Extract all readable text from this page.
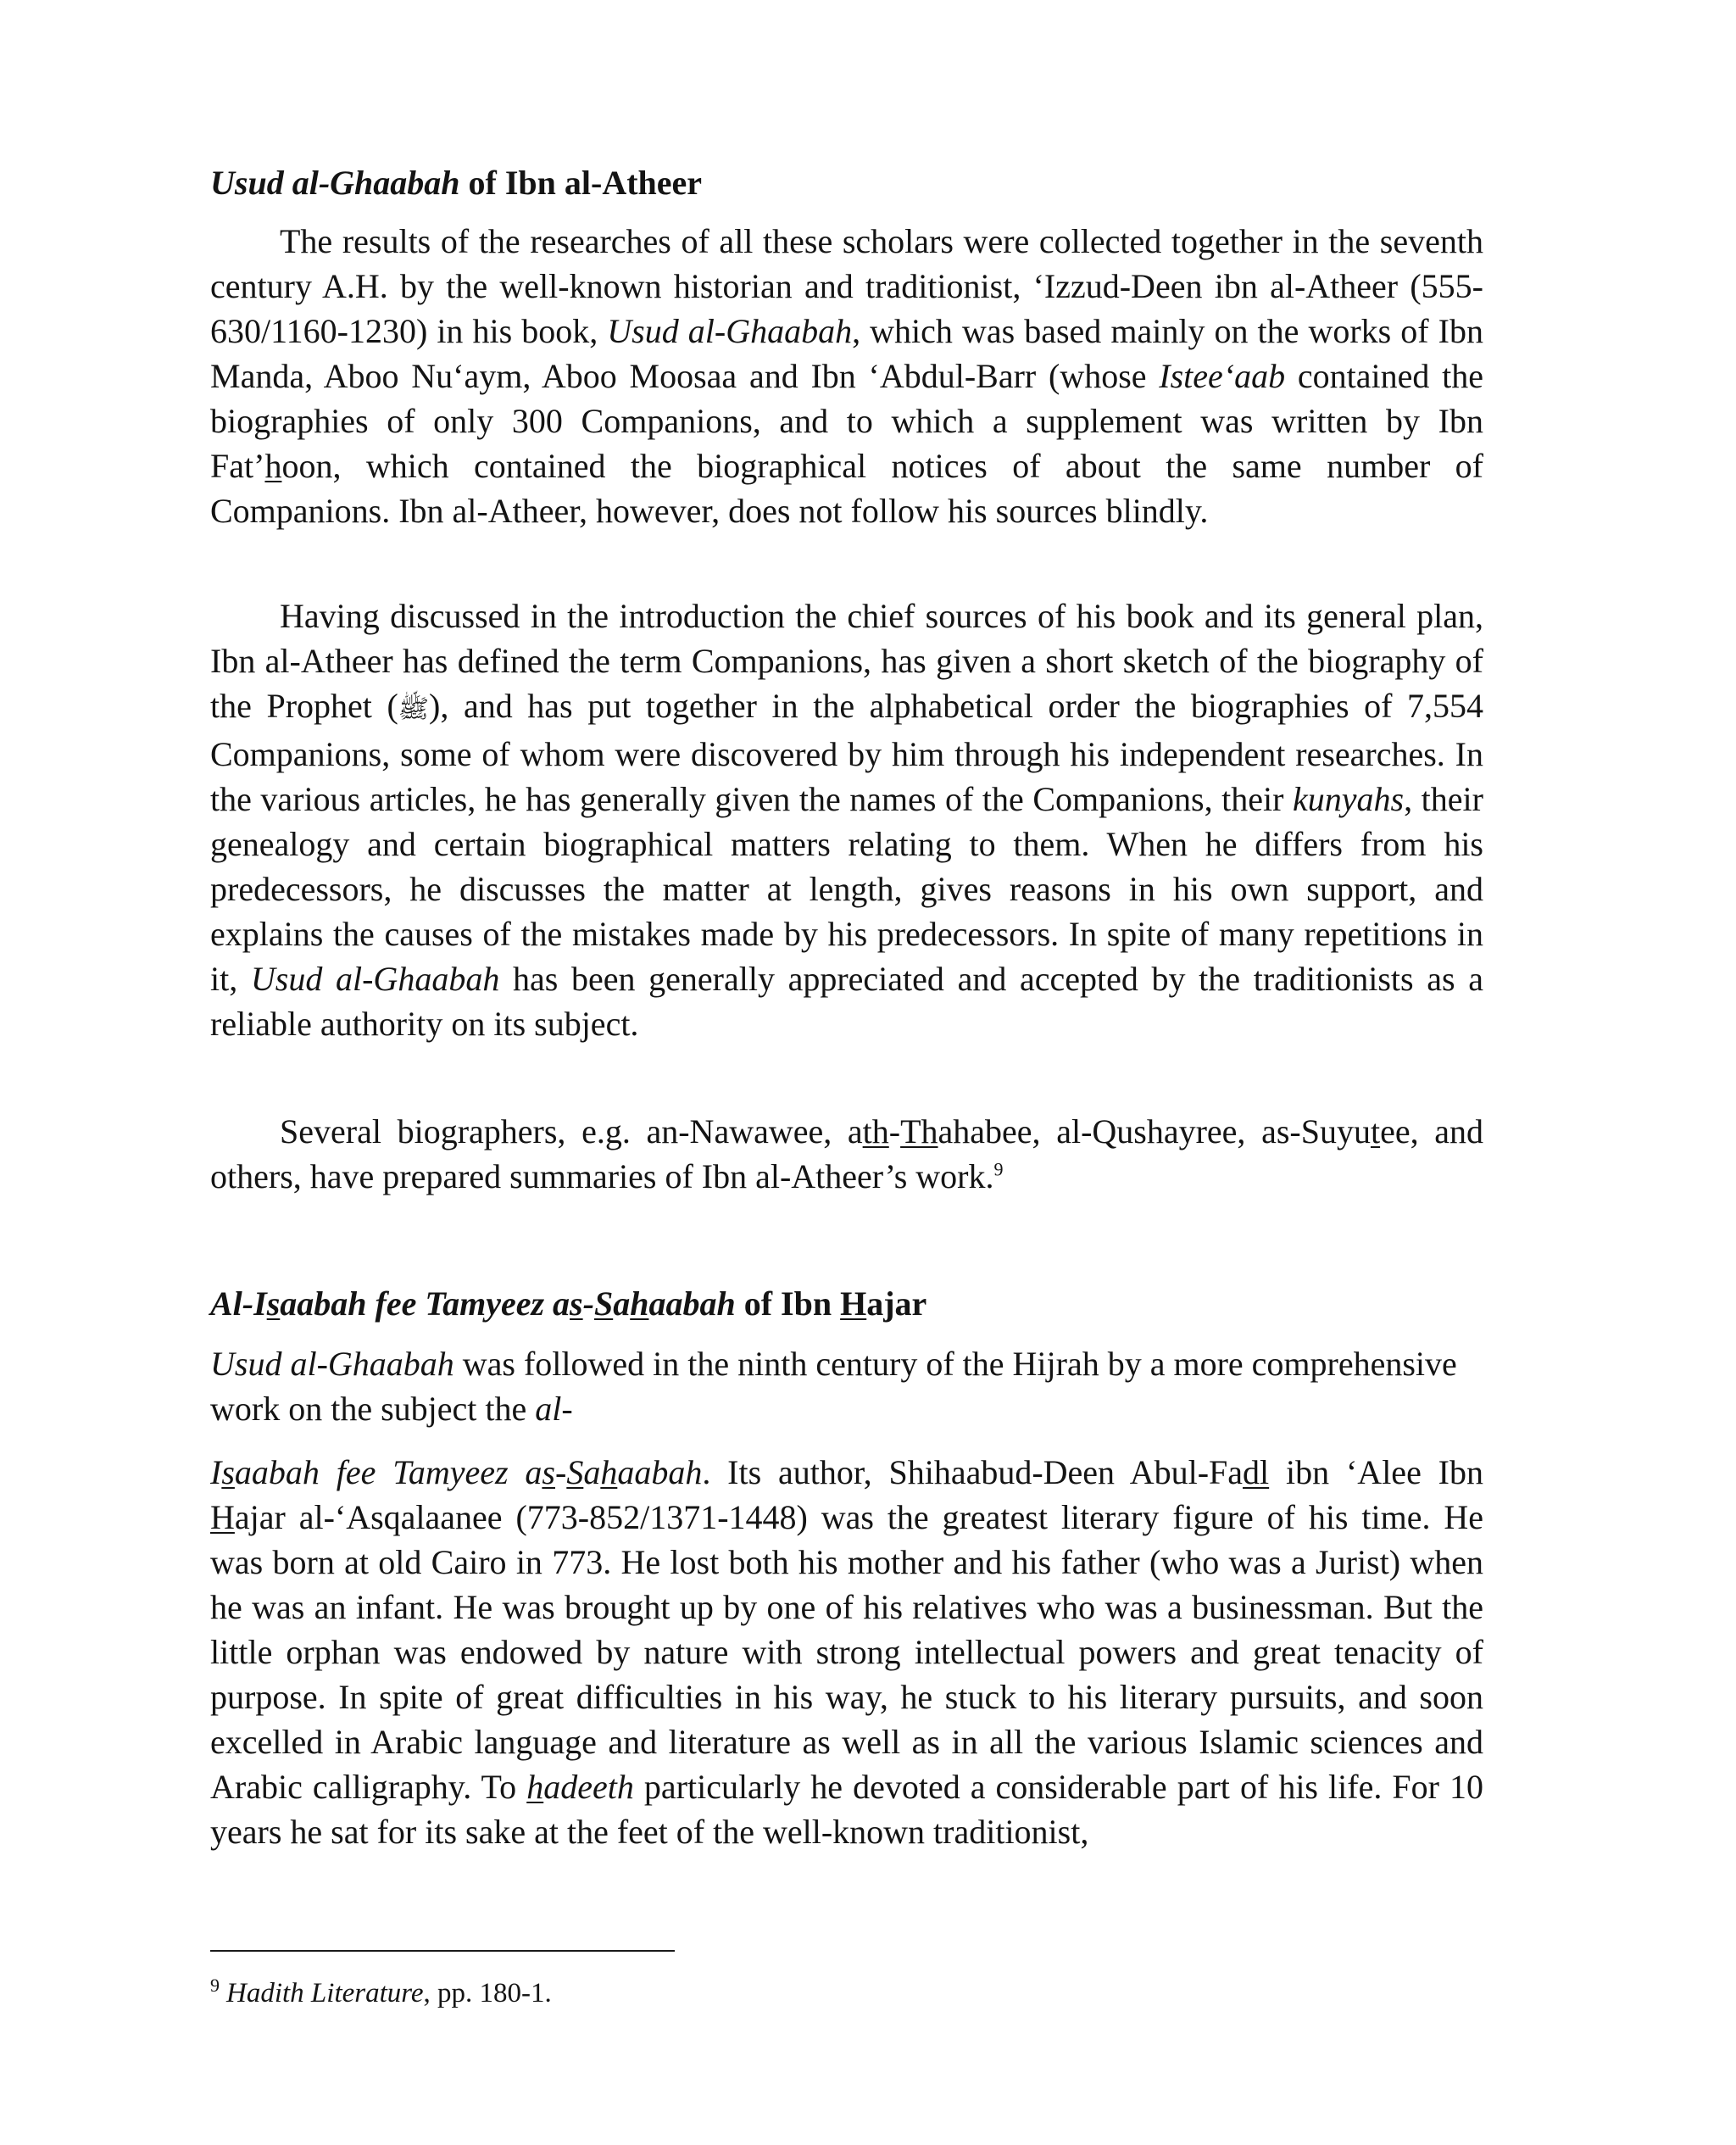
Usud al-Ghaabah of Ibn al-Atheer

The results of the researches of all these scholars were collected together in the seventh century A.H. by the well-known historian and traditionist, ‘Izzud-Deen ibn al-Atheer (555-630/1160-1230) in his book, Usud al-Ghaabah, which was based mainly on the works of Ibn Manda, Aboo Nu‘aym, Aboo Moosaa and Ibn ‘Abdul-Barr (whose Istee‘aab contained the biographies of only 300 Companions, and to which a supplement was written by Ibn Fat’hoon, which contained the biographical notices of about the same number of Companions. Ibn al-Atheer, however, does not follow his sources blindly.

Having discussed in the introduction the chief sources of his book and its general plan, Ibn al-Atheer has defined the term Companions, has given a short sketch of the biography of the Prophet (ﷺ), and has put together in the alphabetical order the biographies of 7,554 Companions, some of whom were discovered by him through his independent researches. In the various articles, he has generally given the names of the Companions, their kunyahs, their genealogy and certain biographical matters relating to them. When he differs from his predecessors, he discusses the matter at length, gives reasons in his own support, and explains the causes of the mistakes made by his predecessors. In spite of many repetitions in it, Usud al-Ghaabah has been generally appreciated and accepted by the traditionists as a reliable authority on its subject.

Several biographers, e.g. an-Nawawee, ath-Thahabee, al-Qushayree, as-Suyutee, and others, have prepared summaries of Ibn al-Atheer’s work.$^9$

Al-Isaabah fee Tamyeez as-Sahaabah of Ibn Hajar

Usud al-Ghaabah was followed in the ninth century of the Hijrah by a more comprehensive work on the subject the al-

Isaabah fee Tamyeez as-Sahaabah. Its author, Shihaabud-Deen Abul-Fadl ibn ‘Alee Ibn Hajar al-‘Asqalaanee (773-852/1371-1448) was the greatest literary figure of his time. He was born at old Cairo in 773. He lost both his mother and his father (who was a Jurist) when he was an infant. He was brought up by one of his relatives who was a businessman. But the little orphan was endowed by nature with strong intellectual powers and great tenacity of purpose. In spite of great difficulties in his way, he stuck to his literary pursuits, and soon excelled in Arabic language and literature as well as in all the various Islamic sciences and Arabic calligraphy. To hadeeth particularly he devoted a considerable part of his life. For 10 years he sat for its sake at the feet of the well-known traditionist,

$^9$ Hadith Literature, pp. 180-1.
